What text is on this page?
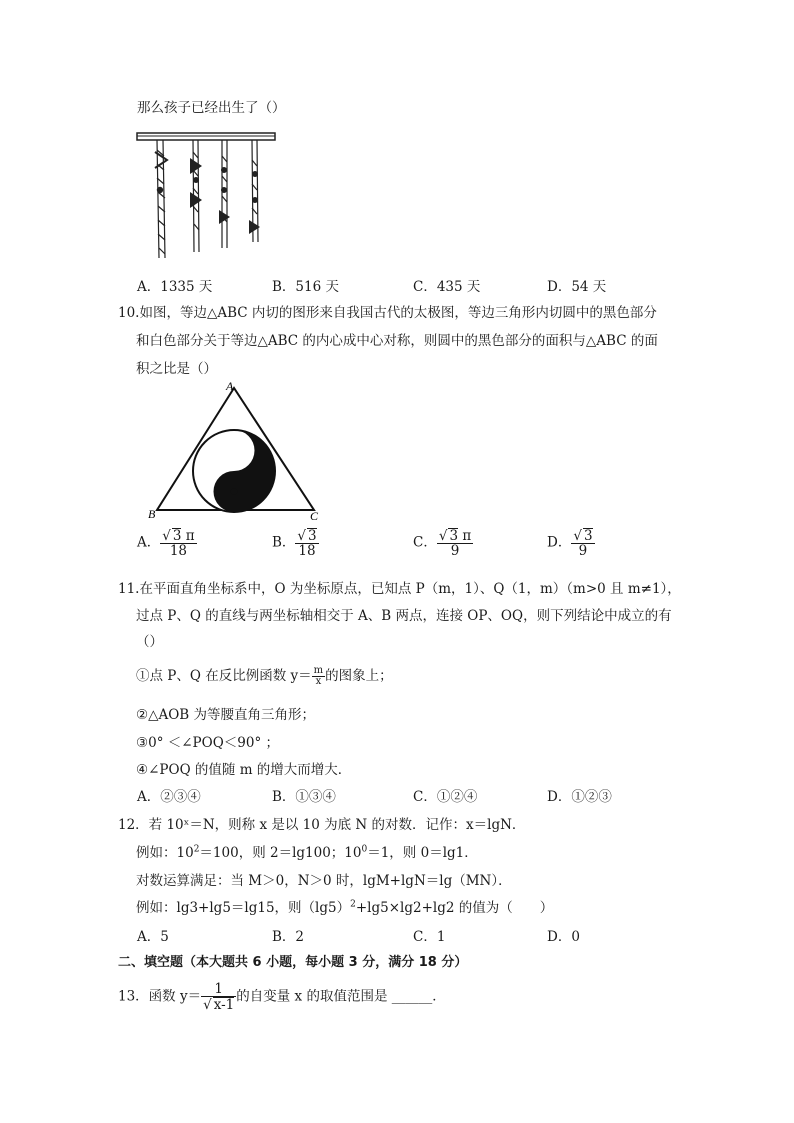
那么孩子已经出生了（）
A．1335 天	B．516 天	C．435 天	D．54 天
10.如图，等边△ABC 内切的图形来自我国古代的太极图，等边三角形内切圆中的黑色部分
和白色部分关于等边△ABC 的内心成中心对称，则圆中的黑色部分的面积与△ABC 的面
积之比是（）
A
B	C
A． $\frac{√ 3 \pi}{18}$	B． $\frac{√ 3}{18}$	C． $\frac{√ 3 \pi}{9}$	D． $\frac{√ 3}{9}$
11.在平面直角坐标系中，O 为坐标原点，已知点 P（m，1）、Q（1，m）（m>0 且 m≠1），
过点 P、Q 的直线与两坐标轴相交于 A、B 两点，连接 OP、OQ，则下列结论中成立的有
（）
①点 P、Q 在反比例函数 $y= \frac{m}{x}$ 的图象上；
②△AOB 为等腰直角三角形；
③0° ＜∠POQ＜90° ；
④∠POQ 的值随 m 的增大而增大．
A．②③④	B．①③④	C．①②④	D．①②③
12．若 10ˣ＝N，则称 x 是以 10 为底 N 的对数．记作：x＝lgN．
例如：$10^2=100$，则 2＝lg100；$10^0=1$，则 0＝lg1．
对数运算满足：当 M＞0，N＞0 时，lgM+lgN＝lg（MN）．
例如：lg3+lg5＝lg15，则$(\lg 5)^2+\lg 5\times\lg 2+\lg 2$ 的值为（　　）
A．5	B．2	C．1	D．0
二、填空题（本大题共 6 小题，每小题 3 分，满分 18 分）
13．函数 $y= \frac{1}{√ x-1}$ 的自变量 x 的取值范围是 ______．
